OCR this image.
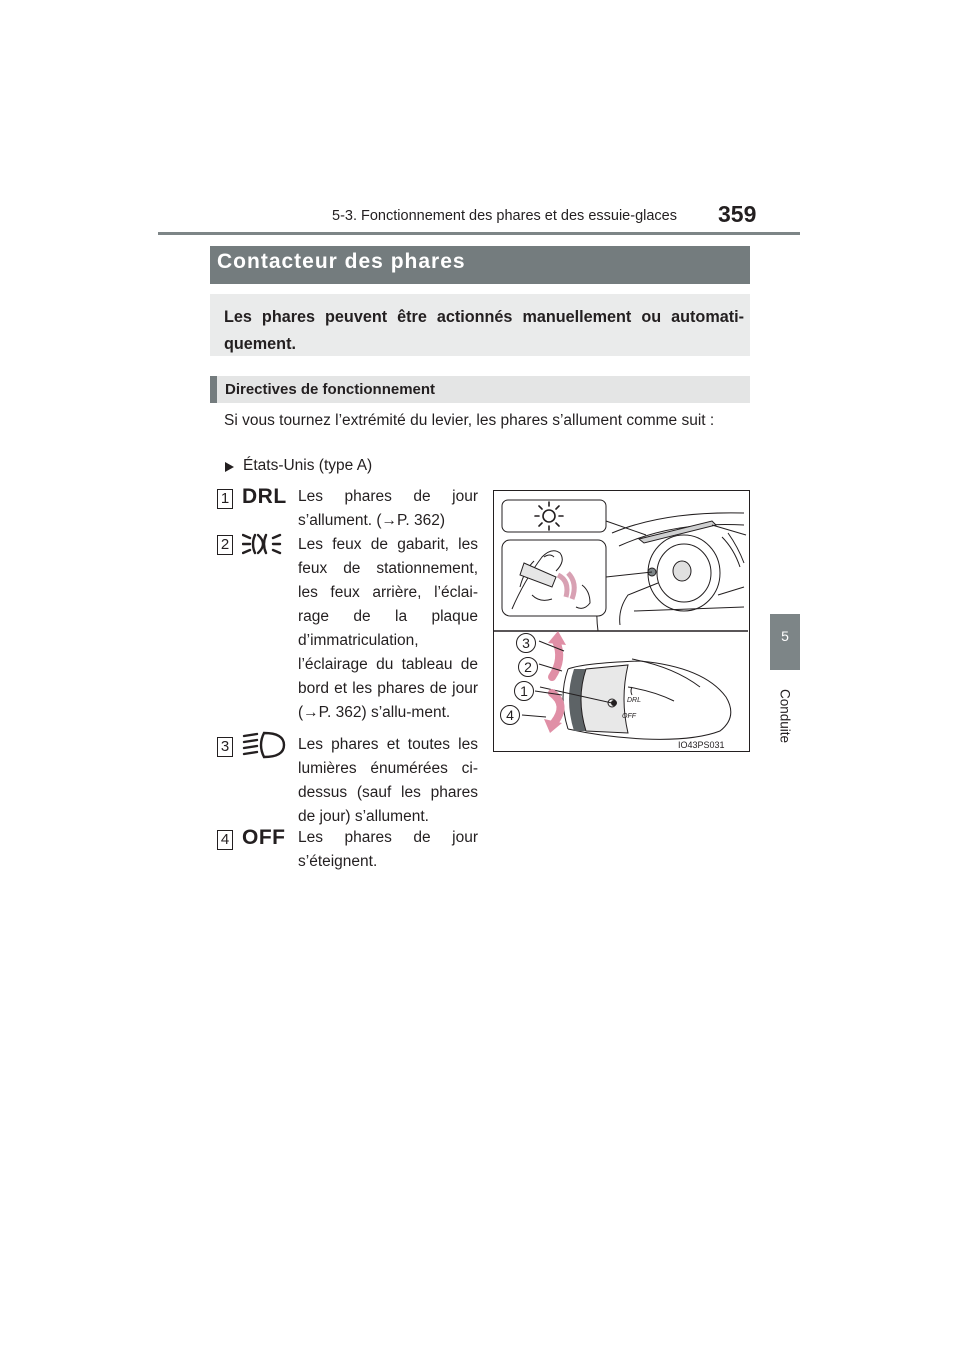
5-3. Fonctionnement des phares et des essuie-glaces 359
5
Conduite
Contacteur des phares
Les phares peuvent être actionnés manuellement ou automati-quement.
Directives de fonctionnement
Si vous tournez l’extrémité du levier, les phares s’allument comme suit :
États-Unis (type A)
1 DRL Les phares de jour s’allument. (→P. 362)
2	Les feux de gabarit, les feux de stationnement, les feux arrière, l’éclai-rage de la plaque d’immatriculation, l’éclairage du tableau de bord et les phares de jour (→P. 362) s’allu-ment.
3	Les phares et toutes les lumières énumérées ci-dessus (sauf les phares de jour) s’allument.
4 OFF Les phares de jour s’éteignent.
3
2
1
4
DRL
OFF
IO43PS031
